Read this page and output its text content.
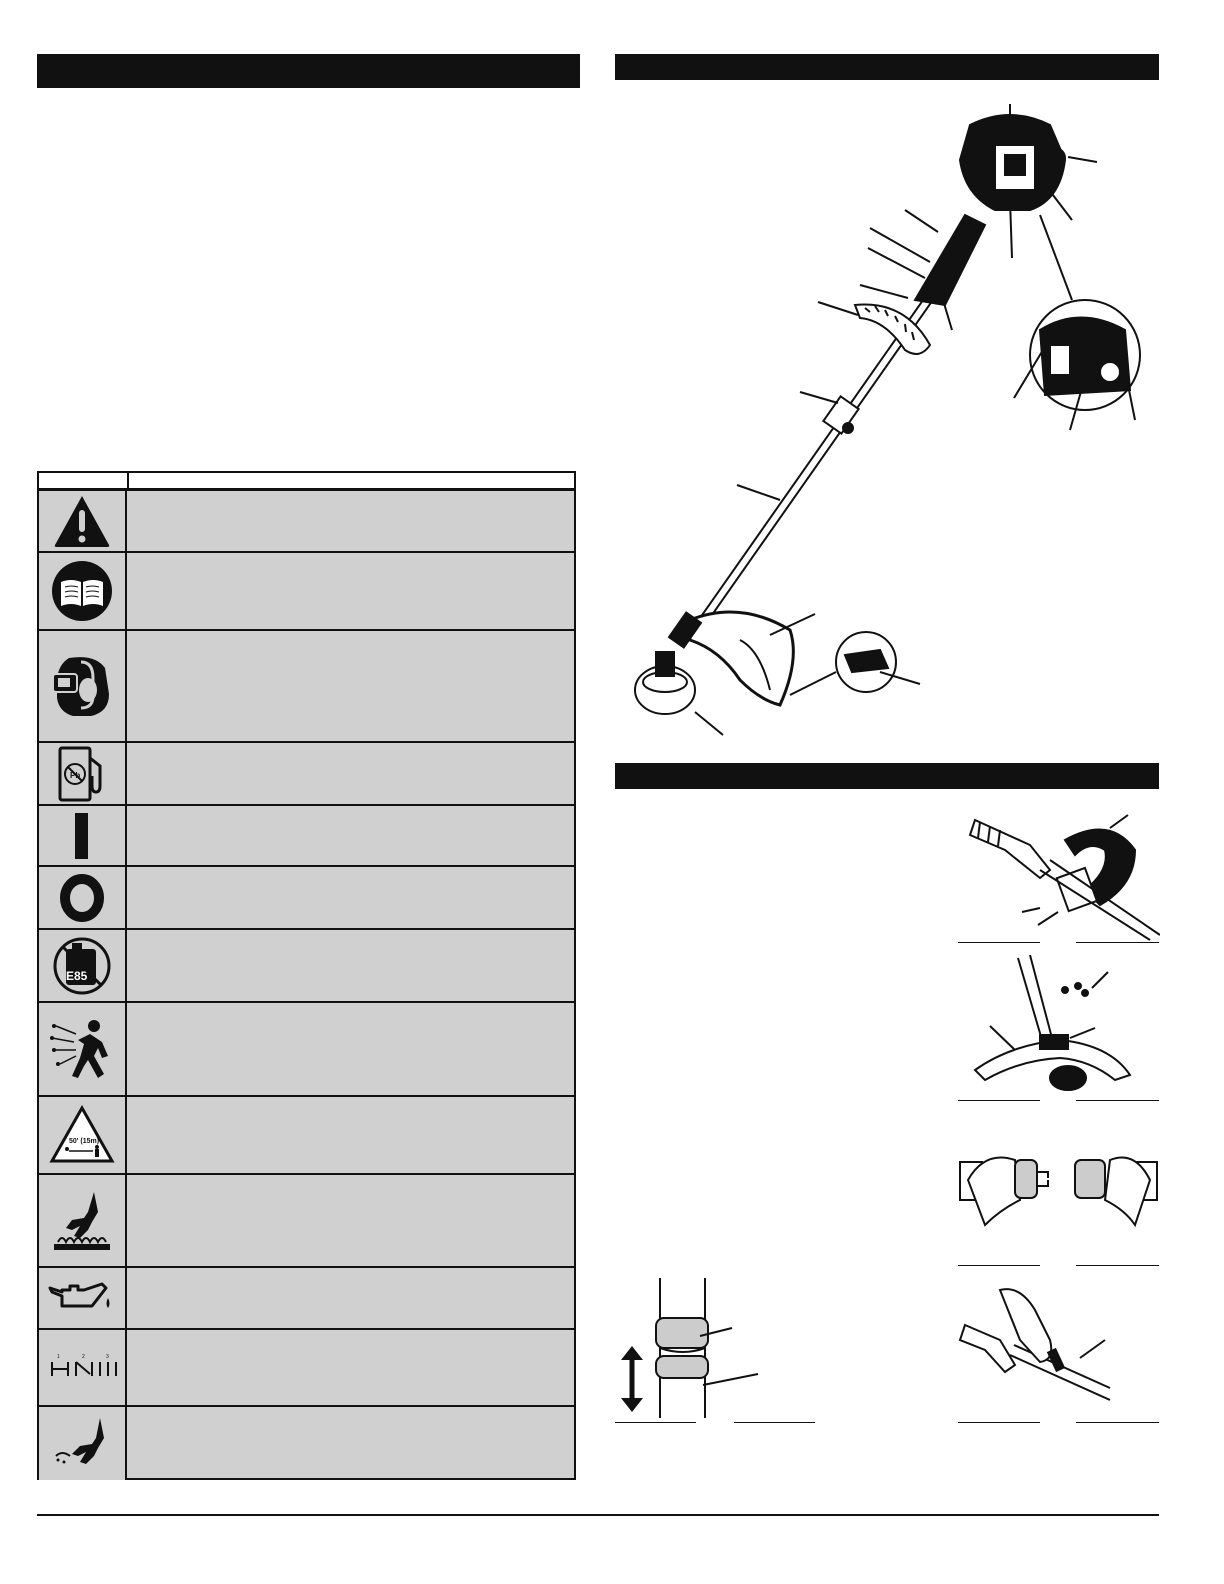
Pb
E85
50' (15m)
1	2	3
